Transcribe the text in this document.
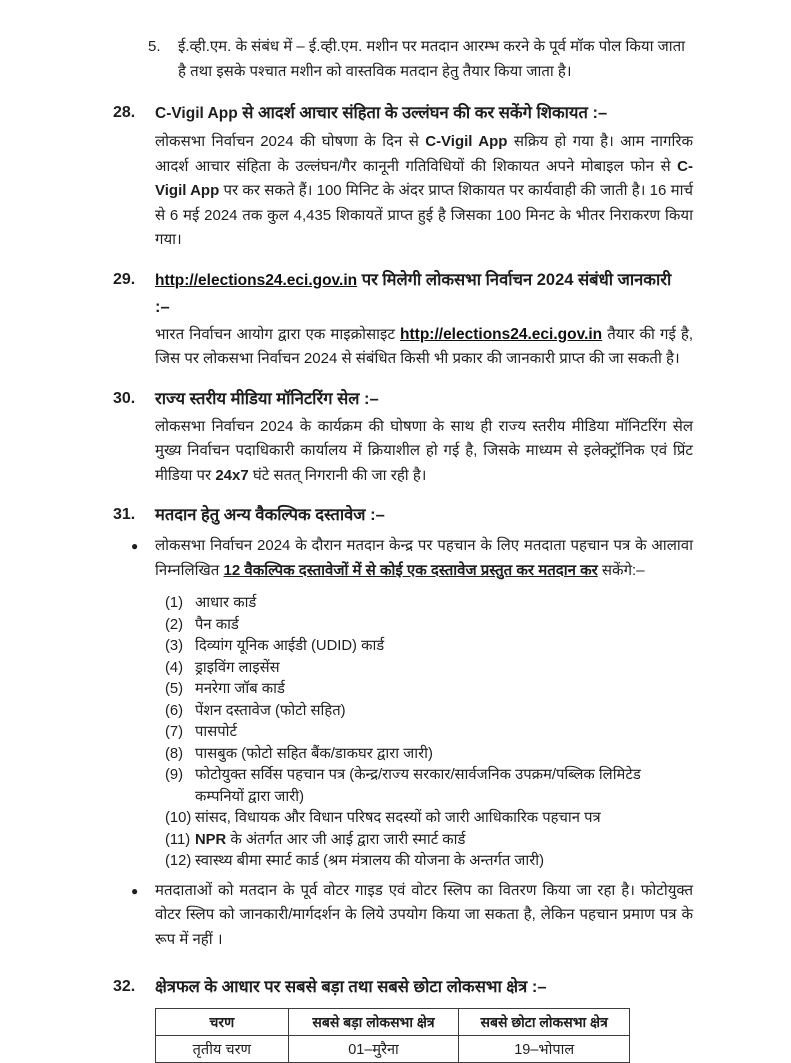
5.	ई.व्ही.एम. के संबंध में – ई.व्ही.एम. मशीन पर मतदान आरम्भ करने के पूर्व मॉक पोल किया जाता है तथा इसके पश्चात मशीन को वास्तविक मतदान हेतु तैयार किया जाता है।

28.	C-Vigil App से आदर्श आचार संहिता के उल्लंघन की कर सकेंगे शिकायत :–

लोकसभा निर्वाचन 2024 की घोषणा के दिन से C-Vigil App सक्रिय हो गया है। आम नागरिक आदर्श आचार संहिता के उल्लंघन/गैर कानूनी गतिविधियों की शिकायत अपने मोबाइल फोन से C-Vigil App पर कर सकते हैं। 100 मिनिट के अंदर प्राप्त शिकायत पर कार्यवाही की जाती है। 16 मार्च से 6 मई 2024 तक कुल 4,435 शिकायतें प्राप्त हुई है जिसका 100 मिनट के भीतर निराकरण किया गया।

29.	http://elections24.eci.gov.in पर मिलेगी लोकसभा निर्वाचन 2024 संबंधी जानकारी
:–

भारत निर्वाचन आयोग द्वारा एक माइक्रोसाइट http://elections24.eci.gov.in तैयार की गई है, जिस पर लोकसभा निर्वाचन 2024 से संबंधित किसी भी प्रकार की जानकारी प्राप्त की जा सकती है।

30.	राज्य स्तरीय मीडिया मॉनिटरिंग सेल :–

लोकसभा निर्वाचन 2024 के कार्यक्रम की घोषणा के साथ ही राज्य स्तरीय मीडिया मॉनिटरिंग सेल मुख्य निर्वाचन पदाधिकारी कार्यालय में क्रियाशील हो गई है, जिसके माध्यम से इलेक्ट्रॉनिक एवं प्रिंट मीडिया पर 24x7 घंटे सतत् निगरानी की जा रही है।

31.	मतदान हेतु अन्य वैकल्पिक दस्तावेज :–
●	लोकसभा निर्वाचन 2024 के दौरान मतदान केन्द्र पर पहचान के लिए मतदाता पहचान पत्र के आलावा निम्नलिखित 12 वैकल्पिक दस्तावेजों में से कोई एक दस्तावेज प्रस्तुत कर मतदान कर सकेंगे:–

(1) आधार कार्ड

(2) पैन कार्ड

(3) दिव्यांग यूनिक आईडी (UDID) कार्ड

(4) ड्राइविंग लाइसेंस

(5) मनरेगा जॉब कार्ड

(6) पेंशन दस्तावेज (फोटो सहित)

(7) पासपोर्ट

(8) पासबुक (फोटो सहित बैंक/डाकघर द्वारा जारी)

(9) फोटोयुक्त सर्विस पहचान पत्र (केन्द्र/राज्य सरकार/सार्वजनिक उपक्रम/पब्लिक लिमिटेड कम्पनियों द्वारा जारी)

(10) सांसद, विधायक और विधान परिषद सदस्यों को जारी आधिकारिक पहचान पत्र

(11) NPR के अंतर्गत आर जी आई द्वारा जारी स्मार्ट कार्ड

(12) स्वास्थ्य बीमा स्मार्ट कार्ड (श्रम मंत्रालय की योजना के अन्तर्गत जारी)

●	मतदाताओं को मतदान के पूर्व वोटर गाइड एवं वोटर स्लिप का वितरण किया जा रहा है। फोटोयुक्त वोटर स्लिप को जानकारी/मार्गदर्शन के लिये उपयोग किया जा सकता है, लेकिन पहचान प्रमाण पत्र के रूप में नहीं ।

32.	क्षेत्रफल के आधार पर सबसे बड़ा तथा सबसे छोटा लोकसभा क्षेत्र :–
चरण	सबसे बड़ा लोकसभा क्षेत्र	सबसे छोटा लोकसभा क्षेत्र
तृतीय चरण	01–मुरैना	19–भोपाल
